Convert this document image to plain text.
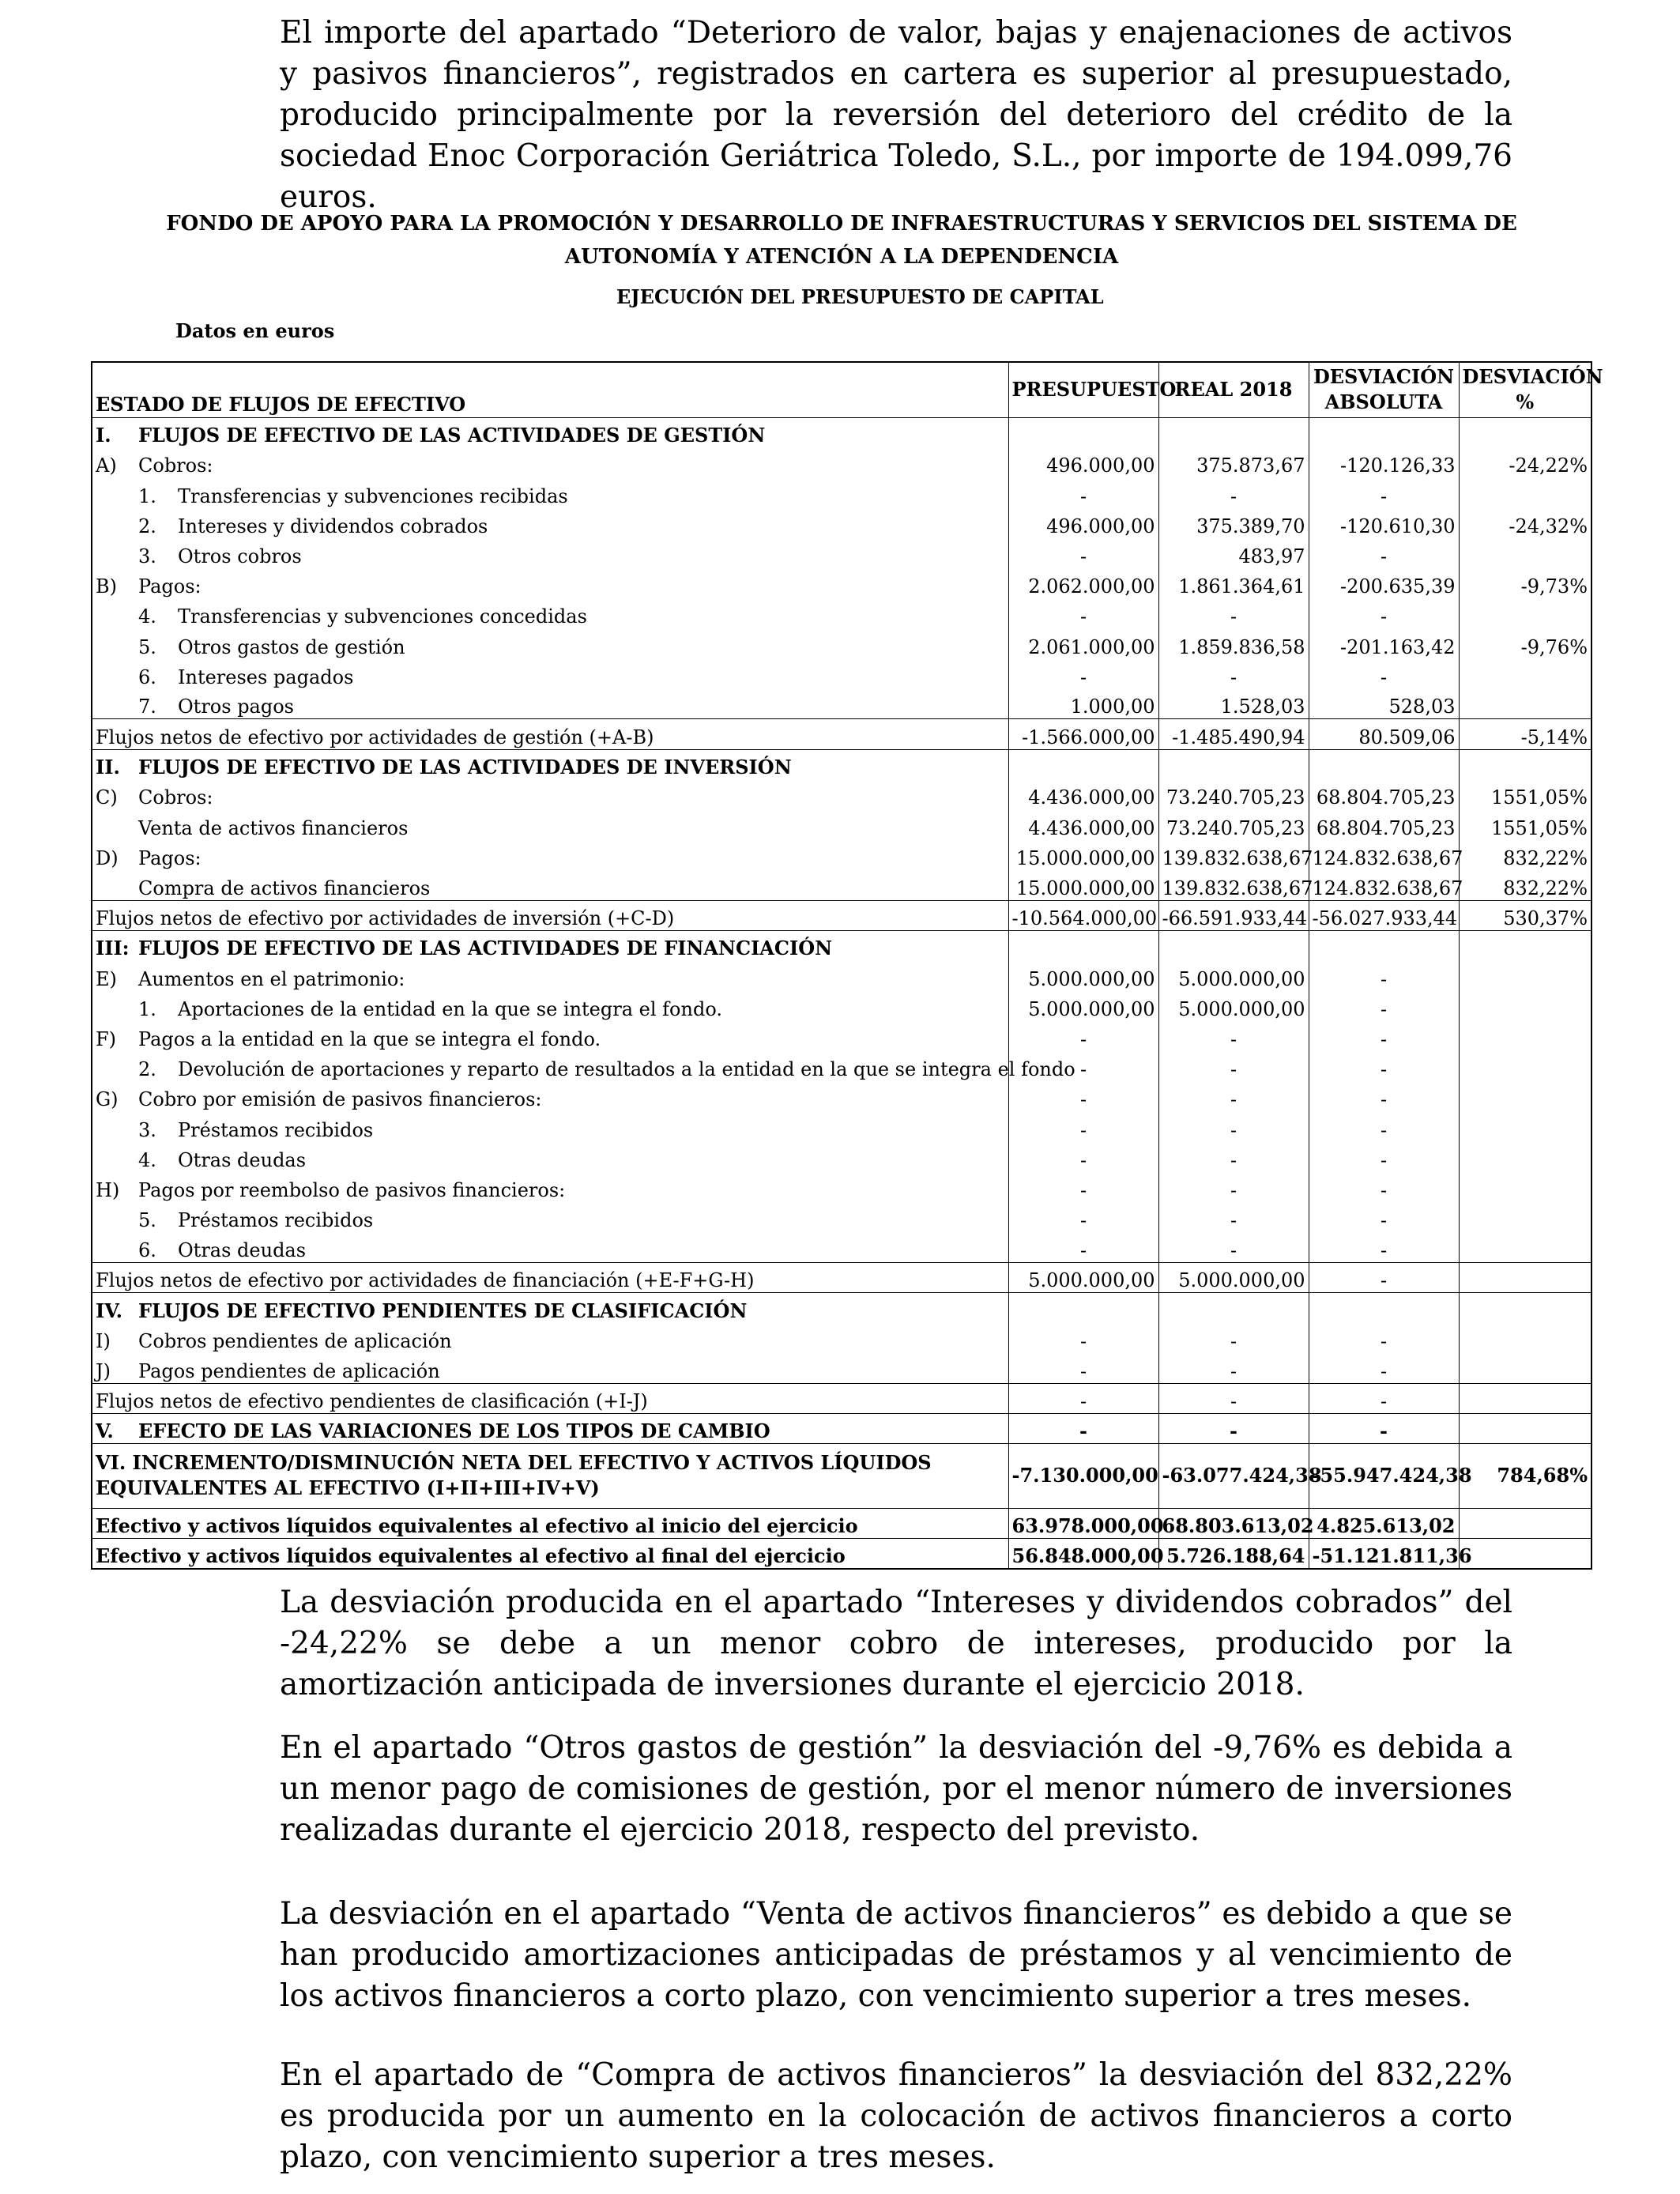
El importe del apartado “Deterioro de valor, bajas y enajenaciones de activos y pasivos financieros”, registrados en cartera es superior al presupuestado, producido principalmente por la reversión del deterioro del crédito de la sociedad Enoc Corporación Geriátrica Toledo, S.L., por importe de 194.099,76 euros.
FONDO DE APOYO PARA LA PROMOCIÓN Y DESARROLLO DE INFRAESTRUCTURAS Y SERVICIOS DEL SISTEMA DE AUTONOMÍA Y ATENCIÓN A LA DEPENDENCIA
EJECUCIÓN DEL PRESUPUESTO DE CAPITAL
Datos en euros
ESTADO DE FLUJOS DE EFECTIVO	PRESUPUESTO	REAL 2018	DESVIACIÓN ABSOLUTA	DESVIACIÓN %
I. FLUJOS DE EFECTIVO DE LAS ACTIVIDADES DE GESTIÓN				
A) Cobros:	496.000,00	375.873,67	-120.126,33	-24,22%
1. Transferencias y subvenciones recibidas	-	-	-	
2. Intereses y dividendos cobrados	496.000,00	375.389,70	-120.610,30	-24,32%
3. Otros cobros	-	483,97	-	
B) Pagos:	2.062.000,00	1.861.364,61	-200.635,39	-9,73%
4. Transferencias y subvenciones concedidas	-	-	-	
5. Otros gastos de gestión	2.061.000,00	1.859.836,58	-201.163,42	-9,76%
6. Intereses pagados	-	-	-	
7. Otros pagos	1.000,00	1.528,03	528,03	
Flujos netos de efectivo por actividades de gestión (+A-B)	-1.566.000,00	-1.485.490,94	80.509,06	-5,14%
II. FLUJOS DE EFECTIVO DE LAS ACTIVIDADES DE INVERSIÓN				
C) Cobros:	4.436.000,00	73.240.705,23	68.804.705,23	1551,05%
Venta de activos financieros	4.436.000,00	73.240.705,23	68.804.705,23	1551,05%
D) Pagos:	15.000.000,00	139.832.638,67	124.832.638,67	832,22%
Compra de activos financieros	15.000.000,00	139.832.638,67	124.832.638,67	832,22%
Flujos netos de efectivo por actividades de inversión (+C-D)	-10.564.000,00	-66.591.933,44	-56.027.933,44	530,37%
III: FLUJOS DE EFECTIVO DE LAS ACTIVIDADES DE FINANCIACIÓN				
E) Aumentos en el patrimonio:	5.000.000,00	5.000.000,00	-	
1. Aportaciones de la entidad en la que se integra el fondo.	5.000.000,00	5.000.000,00	-	
F) Pagos a la entidad en la que se integra el fondo.	-	-	-	
2. Devolución de aportaciones y reparto de resultados a la entidad en la que se integra el fondo	-	-	-	
G) Cobro por emisión de pasivos financieros:	-	-	-	
3. Préstamos recibidos	-	-	-	
4. Otras deudas	-	-	-	
H) Pagos por reembolso de pasivos financieros:	-	-	-	
5. Préstamos recibidos	-	-	-	
6. Otras deudas	-	-	-	
Flujos netos de efectivo por actividades de financiación (+E-F+G-H)	5.000.000,00	5.000.000,00	-	
IV. FLUJOS DE EFECTIVO PENDIENTES DE CLASIFICACIÓN				
I) Cobros pendientes de aplicación	-	-	-	
J) Pagos pendientes de aplicación	-	-	-	
Flujos netos de efectivo pendientes de clasificación (+I-J)	-	-	-	
V. EFECTO DE LAS VARIACIONES DE LOS TIPOS DE CAMBIO	-	-	-	
VI. INCREMENTO/DISMINUCIÓN NETA DEL EFECTIVO Y ACTIVOS LÍQUIDOS EQUIVALENTES AL EFECTIVO (I+II+III+IV+V)	-7.130.000,00	-63.077.424,38	-55.947.424,38	784,68%
Efectivo y activos líquidos equivalentes al efectivo al inicio del ejercicio	63.978.000,00	68.803.613,02	4.825.613,02	
Efectivo y activos líquidos equivalentes al efectivo al final del ejercicio	56.848.000,00	5.726.188,64	-51.121.811,36	
La desviación producida en el apartado “Intereses y dividendos cobrados” del -24,22% se debe a un menor cobro de intereses, producido por la amortización anticipada de inversiones durante el ejercicio 2018.
En el apartado “Otros gastos de gestión” la desviación del -9,76% es debida a un menor pago de comisiones de gestión, por el menor número de inversiones realizadas durante el ejercicio 2018, respecto del previsto.
La desviación en el apartado “Venta de activos financieros” es debido a que se han producido amortizaciones anticipadas de préstamos y al vencimiento de los activos financieros a corto plazo, con vencimiento superior a tres meses.
En el apartado de “Compra de activos financieros” la desviación del 832,22% es producida por un aumento en la colocación de activos financieros a corto plazo, con vencimiento superior a tres meses.
